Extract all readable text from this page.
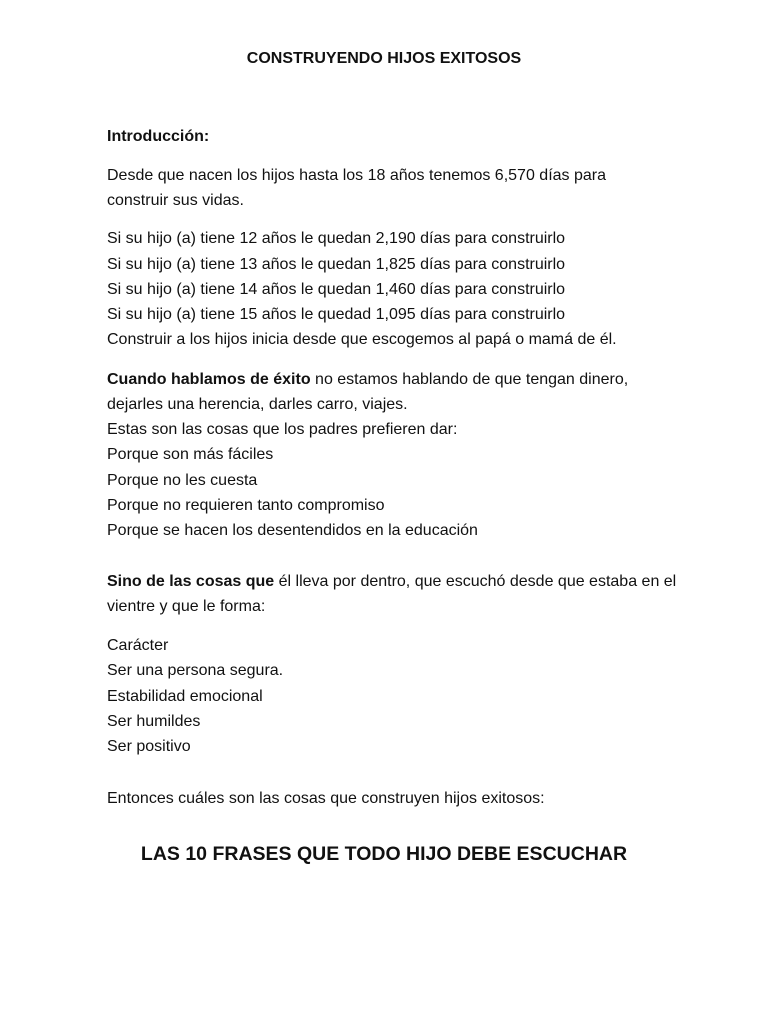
CONSTRUYENDO HIJOS EXITOSOS
Introducción:
Desde que nacen los hijos hasta los 18 años tenemos 6,570 días para
construir sus vidas.
Si su hijo (a) tiene 12 años le quedan 2,190 días para construirlo
Si su hijo (a) tiene 13 años le quedan 1,825 días para construirlo
Si su hijo (a) tiene 14 años le quedan 1,460 días para construirlo
Si su hijo (a) tiene 15 años le quedad 1,095 días para construirlo
Construir a los hijos inicia desde que escogemos al papá o mamá de él.
Cuando hablamos de éxito no estamos hablando de que tengan dinero,
dejarles una herencia, darles carro, viajes.
Estas son las cosas que los padres prefieren dar:
Porque son más fáciles
Porque no les cuesta
Porque no requieren tanto compromiso
Porque se hacen los desentendidos en la educación
Sino de las cosas que él lleva por dentro, que escuchó desde que estaba en el
vientre y que le forma:
Carácter
Ser una persona segura.
Estabilidad emocional
Ser humildes
Ser positivo
Entonces cuáles son las cosas que construyen hijos exitosos:
LAS 10 FRASES QUE TODO HIJO DEBE ESCUCHAR
